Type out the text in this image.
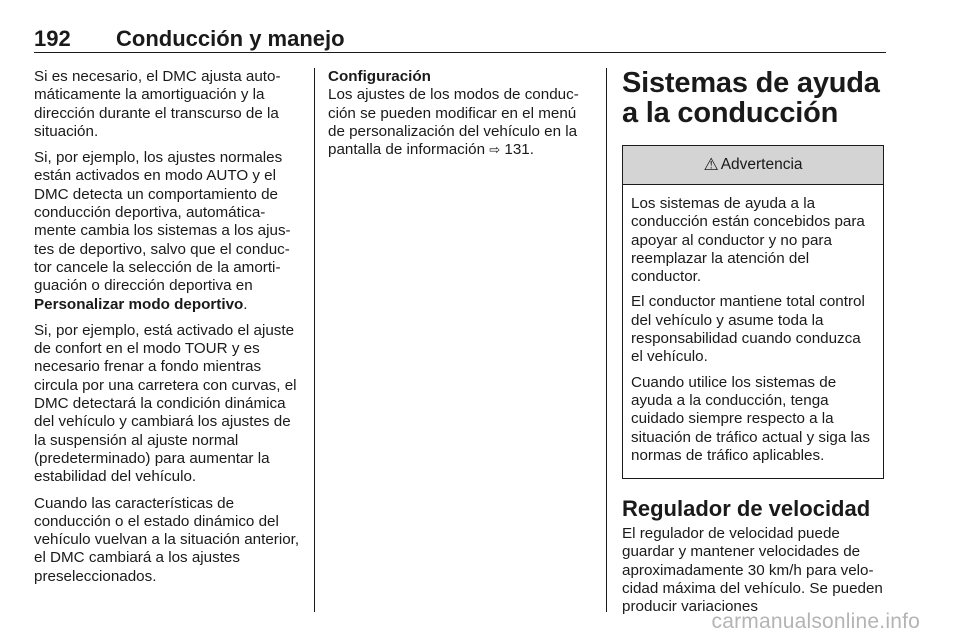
192 Conducción y manejo

Si es necesario, el DMC ajusta automáticamente la amortiguación y la dirección durante el transcurso de la situación.

Si, por ejemplo, los ajustes normales están activados en modo AUTO y el DMC detecta un comportamiento de conducción deportiva, automáticamente cambia los sistemas a los ajustes de deportivo, salvo que el conductor cancele la selección de la amortiguación o dirección deportiva en Personalizar modo deportivo.

Si, por ejemplo, está activado el ajuste de confort en el modo TOUR y es necesario frenar a fondo mientras circula por una carretera con curvas, el DMC detectará la condición dinámica del vehículo y cambiará los ajustes de la suspensión al ajuste normal (predeterminado) para aumentar la estabilidad del vehículo.

Cuando las características de conducción o el estado dinámico del vehículo vuelvan a la situación anterior, el DMC cambiará a los ajustes preseleccionados.

Configuración

Los ajustes de los modos de conducción se pueden modificar en el menú de personalización del vehículo en la pantalla de información ⇨ 131.

Sistemas de ayuda a la conducción
⚠ Advertencia

Los sistemas de ayuda a la conducción están concebidos para apoyar al conductor y no para reemplazar la atención del conductor.

El conductor mantiene total control del vehículo y asume toda la responsabilidad cuando conduzca el vehículo.

Cuando utilice los sistemas de ayuda a la conducción, tenga cuidado siempre respecto a la situación de tráfico actual y siga las normas de tráfico aplicables.

Regulador de velocidad

El regulador de velocidad puede guardar y mantener velocidades de aproximadamente 30 km/h para velocidad máxima del vehículo. Se pueden producir variaciones

carmanualsonline.info
